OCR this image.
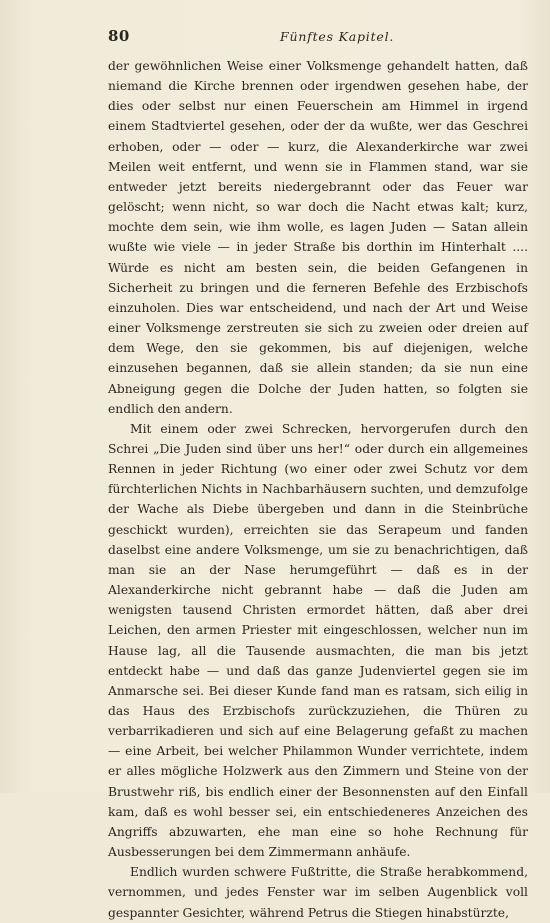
80	Fünftes Kapitel.

der gewöhnlichen Weise einer Volksmenge gehandelt hatten, daß niemand die Kirche brennen oder irgendwen gesehen habe, der dies oder selbst nur einen Feuerschein am Himmel in irgend einem Stadtviertel gesehen, oder der da wußte, wer das Geschrei erhoben, oder — oder — kurz, die Alexanderkirche war zwei Meilen weit entfernt, und wenn sie in Flammen stand, war sie entweder jetzt bereits niedergebrannt oder das Feuer war gelöscht; wenn nicht, so war doch die Nacht etwas kalt; kurz, mochte dem sein, wie ihm wolle, es lagen Juden — Satan allein wußte wie viele — in jeder Straße bis dorthin im Hinterhalt .... Würde es nicht am besten sein, die beiden Gefangenen in Sicherheit zu bringen und die ferneren Befehle des Erzbischofs einzuholen. Dies war entscheidend, und nach der Art und Weise einer Volksmenge zerstreuten sie sich zu zweien oder dreien auf dem Wege, den sie gekommen, bis auf diejenigen, welche einzusehen begannen, daß sie allein standen; da sie nun eine Abneigung gegen die Dolche der Juden hatten, so folgten sie endlich den andern.

Mit einem oder zwei Schrecken, hervorgerufen durch den Schrei „Die Juden sind über uns her!“ oder durch ein allgemeines Rennen in jeder Richtung (wo einer oder zwei Schutz vor dem fürchterlichen Nichts in Nachbarhäusern suchten, und demzufolge der Wache als Diebe übergeben und dann in die Steinbrüche geschickt wurden), erreichten sie das Serapeum und fanden daselbst eine andere Volksmenge, um sie zu benachrichtigen, daß man sie an der Nase herumgeführt — daß es in der Alexanderkirche nicht gebrannt habe — daß die Juden am wenigsten tausend Christen ermordet hätten, daß aber drei Leichen, den armen Priester mit eingeschlossen, welcher nun im Hause lag, all die Tausende ausmachten, die man bis jetzt entdeckt habe — und daß das ganze Judenviertel gegen sie im Anmarsche sei. Bei dieser Kunde fand man es ratsam, sich eilig in das Haus des Erzbischofs zurückzuziehen, die Thüren zu verbarrikadieren und sich auf eine Belagerung gefaßt zu machen — eine Arbeit, bei welcher Philammon Wunder verrichtete, indem er alles mögliche Holzwerk aus den Zimmern und Steine von der Brustwehr riß, bis endlich einer der Besonnensten auf den Einfall kam, daß es wohl besser sei, ein entschiedeneres Anzeichen des Angriffs abzuwarten, ehe man eine so hohe Rechnung für Ausbesserungen bei dem Zimmermann anhäufe.

Endlich wurden schwere Fußtritte, die Straße herabkommend, vernommen, und jedes Fenster war im selben Augenblick voll gespannter Gesichter, während Petrus die Stiegen hinabstürzte,
